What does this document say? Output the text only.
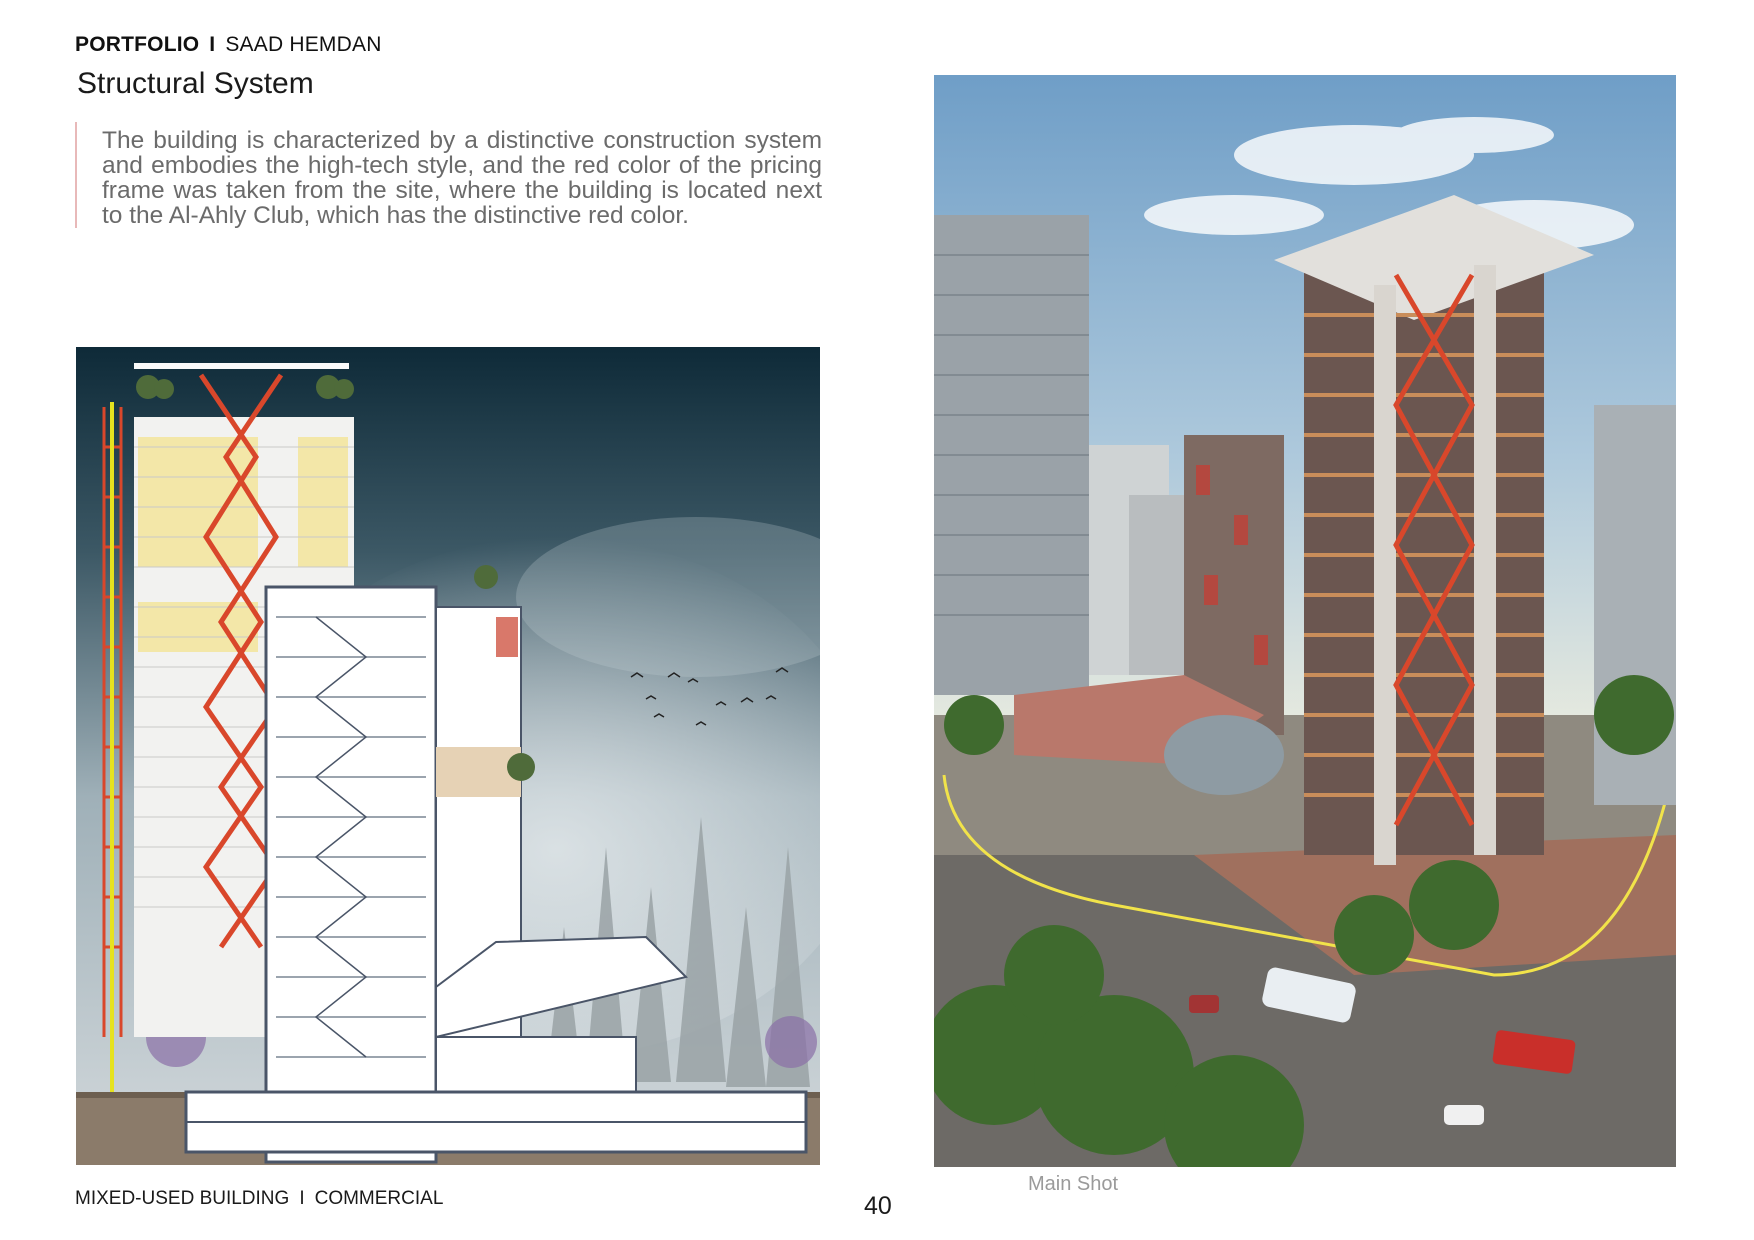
PORTFOLIO I SAAD HEMDAN
Structural System
The building is characterized by a distinctive construction system and embodies the high-tech style, and the red color of the pricing frame was taken from the site, where the building is located next to the Al-Ahly Club, which has the distinctive red color.
Main Shot
MIXED-USED BUILDING I COMMERCIAL	40
